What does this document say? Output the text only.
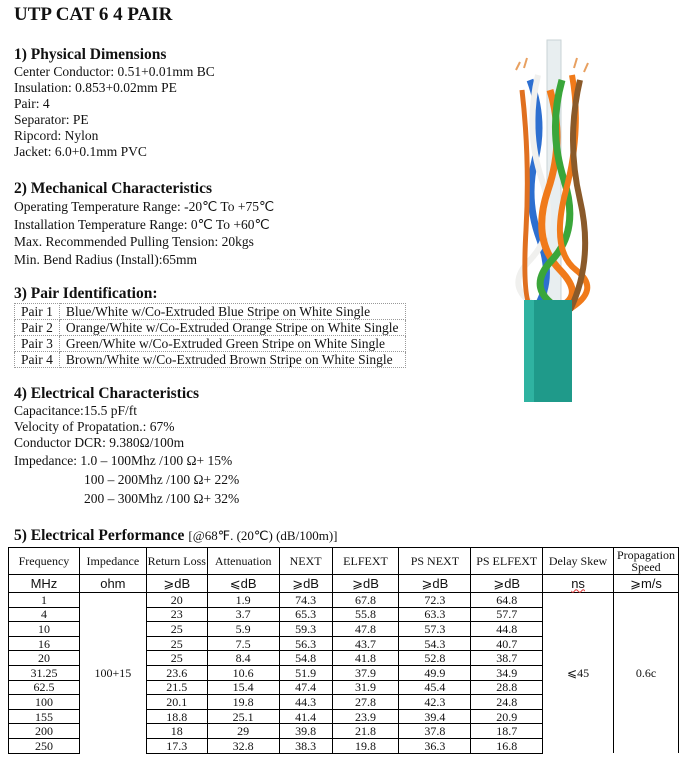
UTP CAT 6 4 PAIR
1) Physical Dimensions
Center Conductor: 0.51+0.01mm BC
Insulation: 0.853+0.02mm PE
Pair: 4
Separator: PE
Ripcord: Nylon
Jacket: 6.0+0.1mm PVC
2) Mechanical Characteristics
Operating Temperature Range: -20℃ To +75℃
Installation Temperature Range: 0℃ To +60℃
Max. Recommended Pulling Tension: 20kgs
Min. Bend Radius (Install):65mm
3) Pair Identification:
Pair 1	Blue/White w/Co-Extruded Blue Stripe on White Single
Pair 2	Orange/White w/Co-Extruded Orange Stripe on White Single
Pair 3	Green/White w/Co-Extruded Green Stripe on White Single
Pair 4	Brown/White w/Co-Extruded Brown Stripe on White Single
4) Electrical Characteristics
Capacitance:15.5 pF/ft
Velocity of Propatation.: 67%
Conductor DCR: 9.380Ω/100m
Impedance: 1.0 – 100Mhz /100 Ω+ 15%
100 – 200Mhz /100 Ω+ 22%
200 – 300Mhz /100 Ω+ 32%
5) Electrical Performance [@68℉. (20℃) (dB/100m)]
Frequency	Impedance	Return Loss	Attenuation	NEXT	ELFEXT	PS NEXT	PS ELFEXT	Delay Skew	Propagation Speed
MHz	ohm	⩾dB	⩽dB	⩾dB	⩾dB	⩾dB	⩾dB	ns	⩾m/s
1	100+15	20	1.9	74.3	67.8	72.3	64.8	⩽45	0.6c
4		23	3.7	65.3	55.8	63.3	57.7		
10		25	5.9	59.3	47.8	57.3	44.8		
16		25	7.5	56.3	43.7	54.3	40.7		
20		25	8.4	54.8	41.8	52.8	38.7		
31.25		23.6	10.6	51.9	37.9	49.9	34.9		
62.5		21.5	15.4	47.4	31.9	45.4	28.8		
100		20.1	19.8	44.3	27.8	42.3	24.8		
155		18.8	25.1	41.4	23.9	39.4	20.9		
200		18	29	39.8	21.8	37.8	18.7		
250		17.3	32.8	38.3	19.8	36.3	16.8		
